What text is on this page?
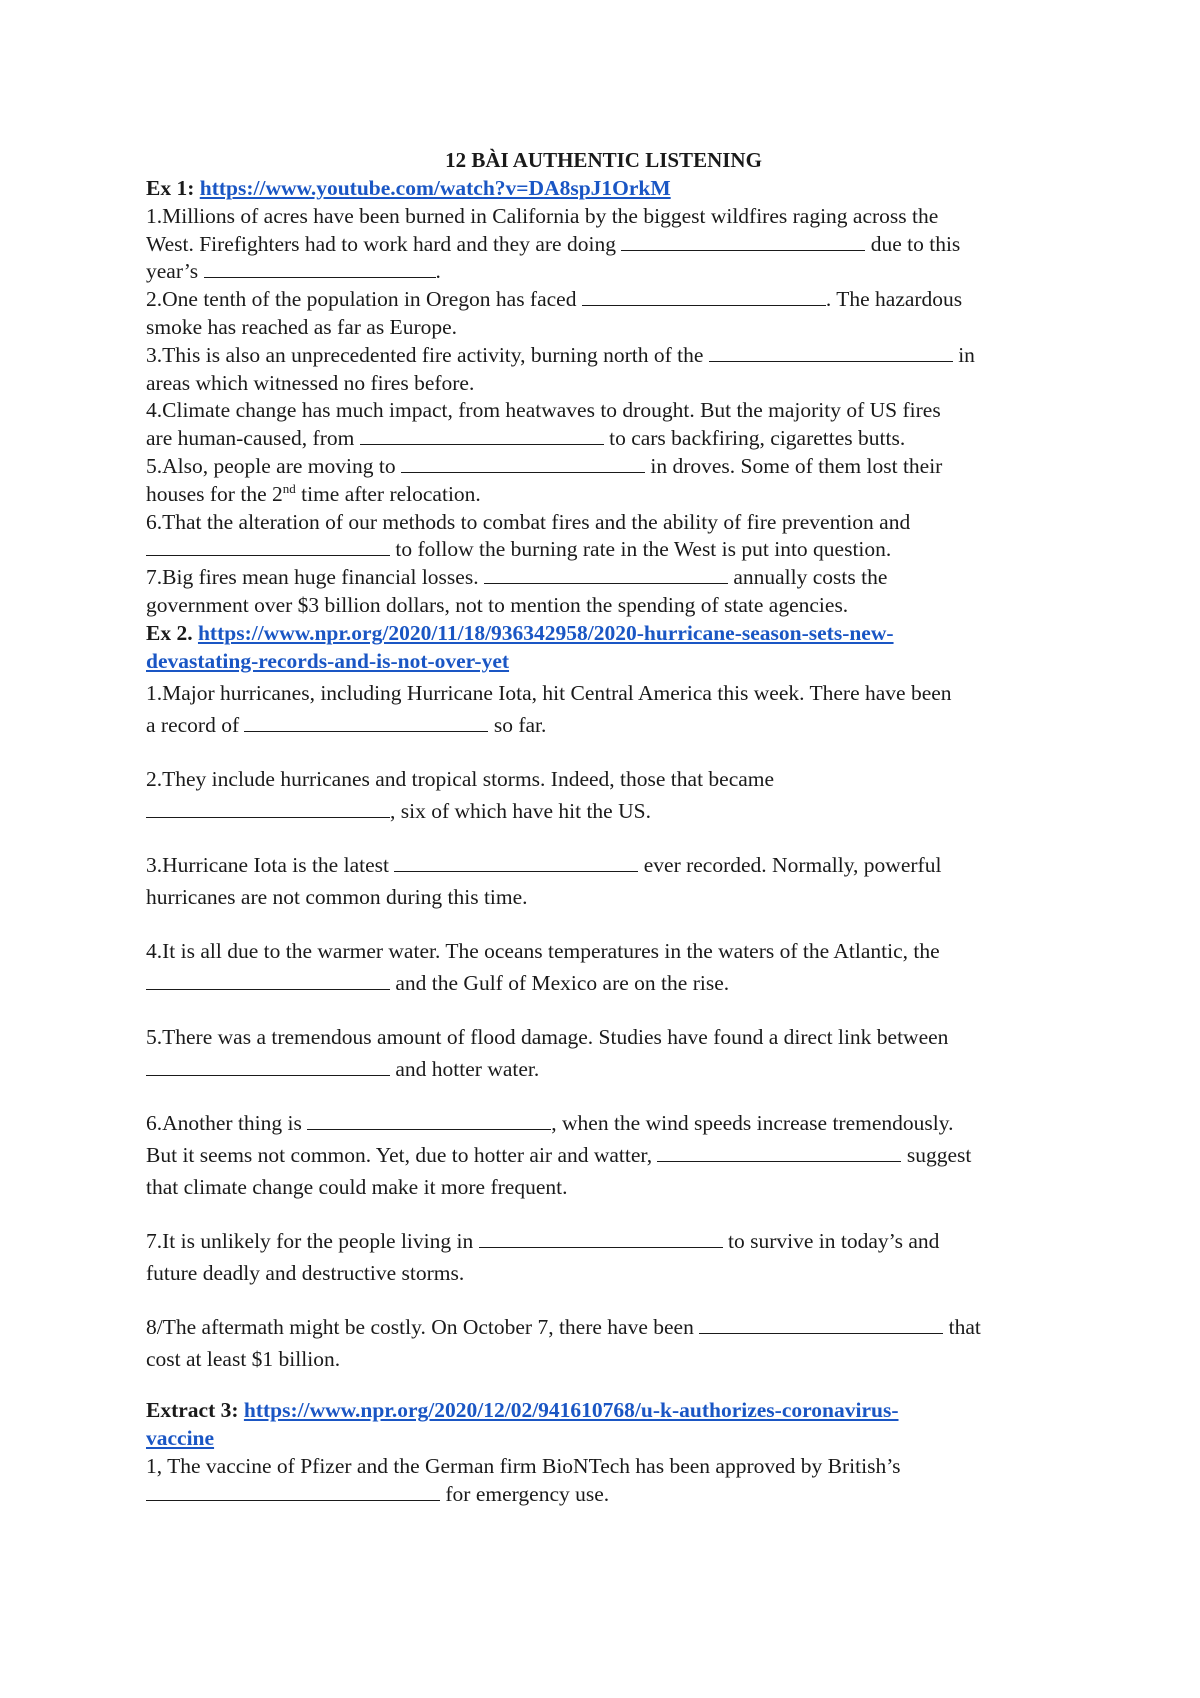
12 BÀI AUTHENTIC LISTENING
Ex 1: https://www.youtube.com/watch?v=DA8spJ1OrkM
1.Millions of acres have been burned in California by the biggest wildfires raging across the
West. Firefighters had to work hard and they are doing	due to this
year’s	.
2.One tenth of the population in Oregon has faced	. The hazardous
smoke has reached as far as Europe.
3.This is also an unprecedented fire activity, burning north of the	in
areas which witnessed no fires before.
4.Climate change has much impact, from heatwaves to drought. But the majority of US fires
are human-caused, from	to cars backfiring, cigarettes butts.
5.Also, people are moving to	in droves. Some of them lost their
houses for the 2nd time after relocation.
6.That the alteration of our methods to combat fires and the ability of fire prevention and
to follow the burning rate in the West is put into question.
7.Big fires mean huge financial losses.	annually costs the
government over $3 billion dollars, not to mention the spending of state agencies.
Ex 2. https://www.npr.org/2020/11/18/936342958/2020-hurricane-season-sets-new-
devastating-records-and-is-not-over-yet
1.Major hurricanes, including Hurricane Iota, hit Central America this week. There have been
a record of	so far.
2.They include hurricanes and tropical storms. Indeed, those that became
, six of which have hit the US.
3.Hurricane Iota is the latest	ever recorded. Normally, powerful
hurricanes are not common during this time.
4.It is all due to the warmer water. The oceans temperatures in the waters of the Atlantic, the
and the Gulf of Mexico are on the rise.
5.There was a tremendous amount of flood damage. Studies have found a direct link between
and hotter water.
6.Another thing is	, when the wind speeds increase tremendously.
But it seems not common. Yet, due to hotter air and watter,	suggest
that climate change could make it more frequent.
7.It is unlikely for the people living in	to survive in today’s and
future deadly and destructive storms.
8/The aftermath might be costly. On October 7, there have been	that
cost at least $1 billion.
Extract 3: https://www.npr.org/2020/12/02/941610768/u-k-authorizes-coronavirus-
vaccine
1, The vaccine of Pfizer and the German firm BioNTech has been approved by British’s
for emergency use.
